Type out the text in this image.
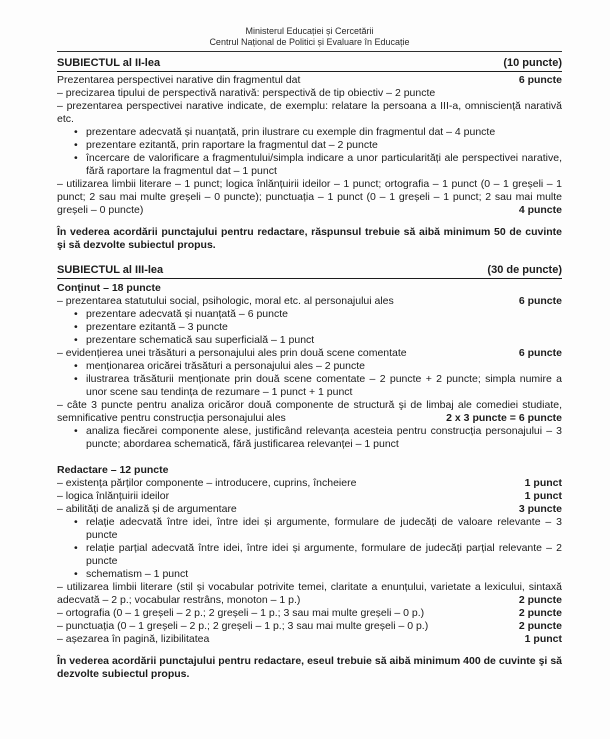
Ministerul Educației și Cercetării
Centrul Național de Politici și Evaluare în Educație
SUBIECTUL al II-lea	(10 puncte)
Prezentarea perspectivei narative din fragmentul dat	6 puncte
– precizarea tipului de perspectivă narativă: perspectivă de tip obiectiv – 2 puncte
– prezentarea perspectivei narative indicate, de exemplu: relatare la persoana a III-a, omnisciență narativă etc.
• prezentare adecvată și nuanțată, prin ilustrare cu exemple din fragmentul dat – 4 puncte
• prezentare ezitantă, prin raportare la fragmentul dat – 2 puncte
• încercare de valorificare a fragmentului/simpla indicare a unor particularități ale perspectivei narative, fără raportare la fragmentul dat – 1 punct
– utilizarea limbii literare – 1 punct; logica înlănțuirii ideilor – 1 punct; ortografia – 1 punct (0 – 1 greșeli – 1 punct; 2 sau mai multe greșeli – 0 puncte); punctuația – 1 punct (0 – 1 greșeli – 1 punct; 2 sau mai multe greșeli – 0 puncte)	4 puncte
În vederea acordării punctajului pentru redactare, răspunsul trebuie să aibă minimum 50 de cuvinte şi să dezvolte subiectul propus.
SUBIECTUL al III-lea	(30 de puncte)
Conţinut – 18 puncte
– prezentarea statutului social, psihologic, moral etc. al personajului ales	6 puncte
• prezentare adecvată și nuanțată – 6 puncte
• prezentare ezitantă – 3 puncte
• prezentare schematică sau superficială – 1 punct
– evidențierea unei trăsături a personajului ales prin două scene comentate	6 puncte
• menționarea oricărei trăsături a personajului ales – 2 puncte
• ilustrarea trăsăturii menționate prin două scene comentate – 2 puncte + 2 puncte; simpla numire a unor scene sau tendința de rezumare – 1 punct + 1 punct
– câte 3 puncte pentru analiza oricăror două componente de structură şi de limbaj ale comediei studiate, semnificative pentru construcția personajului ales	2 x 3 puncte = 6 puncte
• analiza fiecărei componente alese, justificând relevanța acesteia pentru construcția personajului – 3 puncte; abordarea schematică, fără justificarea relevanței – 1 punct
Redactare – 12 puncte
– existența părților componente – introducere, cuprins, încheiere	1 punct
– logica înlănțuirii ideilor	1 punct
– abilități de analiză și de argumentare	3 puncte
• relație adecvată între idei, între idei și argumente, formulare de judecăți de valoare relevante – 3 puncte
• relație parțial adecvată între idei, între idei și argumente, formulare de judecăți parțial relevante – 2 puncte
• schematism – 1 punct
– utilizarea limbii literare (stil și vocabular potrivite temei, claritate a enunțului, varietate a lexicului, sintaxă adecvată – 2 p.; vocabular restrâns, monoton – 1 p.)	2 puncte
– ortografia (0 – 1 greșeli – 2 p.; 2 greșeli – 1 p.; 3 sau mai multe greșeli – 0 p.)	2 puncte
– punctuația (0 – 1 greșeli – 2 p.; 2 greșeli – 1 p.; 3 sau mai multe greșeli – 0 p.)	2 puncte
– așezarea în pagină, lizibilitatea	1 punct
În vederea acordării punctajului pentru redactare, eseul trebuie să aibă minimum 400 de cuvinte şi să dezvolte subiectul propus.
